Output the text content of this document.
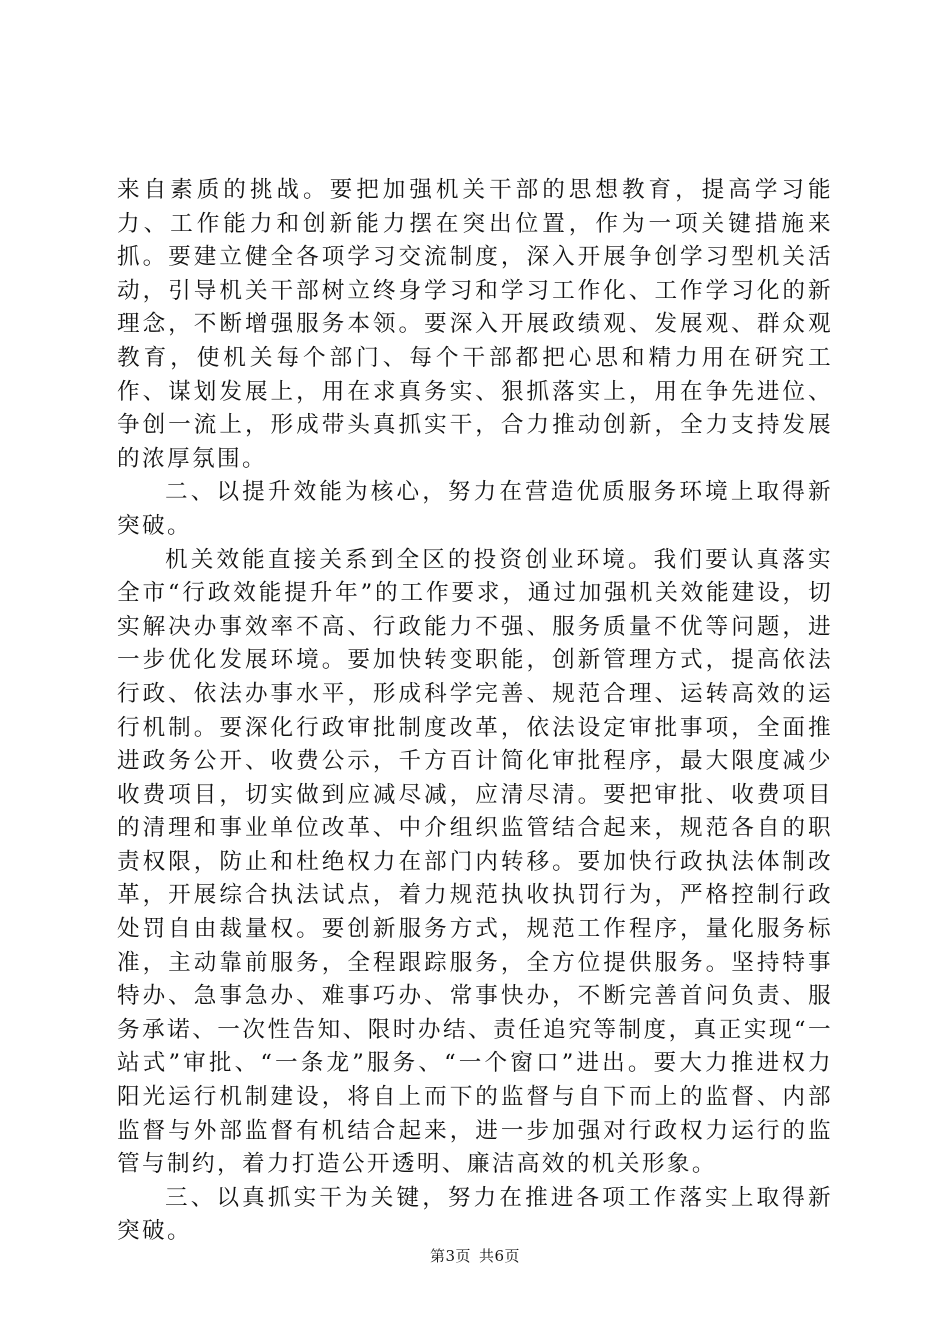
来自素质的挑战。要把加强机关干部的思想教育，提高学习能力、工作能力和创新能力摆在突出位置，作为一项关键措施来抓。要建立健全各项学习交流制度，深入开展争创学习型机关活动，引导机关干部树立终身学习和学习工作化、工作学习化的新理念，不断增强服务本领。要深入开展政绩观、发展观、群众观教育，使机关每个部门、每个干部都把心思和精力用在研究工作、谋划发展上，用在求真务实、狠抓落实上，用在争先进位、争创一流上，形成带头真抓实干，合力推动创新，全力支持发展的浓厚氛围。

二、以提升效能为核心，努力在营造优质服务环境上取得新突破。

机关效能直接关系到全区的投资创业环境。我们要认真落实全市“行政效能提升年”的工作要求，通过加强机关效能建设，切实解决办事效率不高、行政能力不强、服务质量不优等问题，进一步优化发展环境。要加快转变职能，创新管理方式，提高依法行政、依法办事水平，形成科学完善、规范合理、运转高效的运行机制。要深化行政审批制度改革，依法设定审批事项，全面推进政务公开、收费公示，千方百计简化审批程序，最大限度减少收费项目，切实做到应减尽减，应清尽清。要把审批、收费项目的清理和事业单位改革、中介组织监管结合起来，规范各自的职责权限，防止和杜绝权力在部门内转移。要加快行政执法体制改革，开展综合执法试点，着力规范执收执罚行为，严格控制行政处罚自由裁量权。要创新服务方式，规范工作程序，量化服务标准，主动靠前服务，全程跟踪服务，全方位提供服务。坚持特事特办、急事急办、难事巧办、常事快办，不断完善首问负责、服务承诺、一次性告知、限时办结、责任追究等制度，真正实现“一站式”审批、“一条龙”服务、“一个窗口”进出。要大力推进权力阳光运行机制建设，将自上而下的监督与自下而上的监督、内部监督与外部监督有机结合起来，进一步加强对行政权力运行的监管与制约，着力打造公开透明、廉洁高效的机关形象。

三、以真抓实干为关键，努力在推进各项工作落实上取得新突破。

第3页 共6页
